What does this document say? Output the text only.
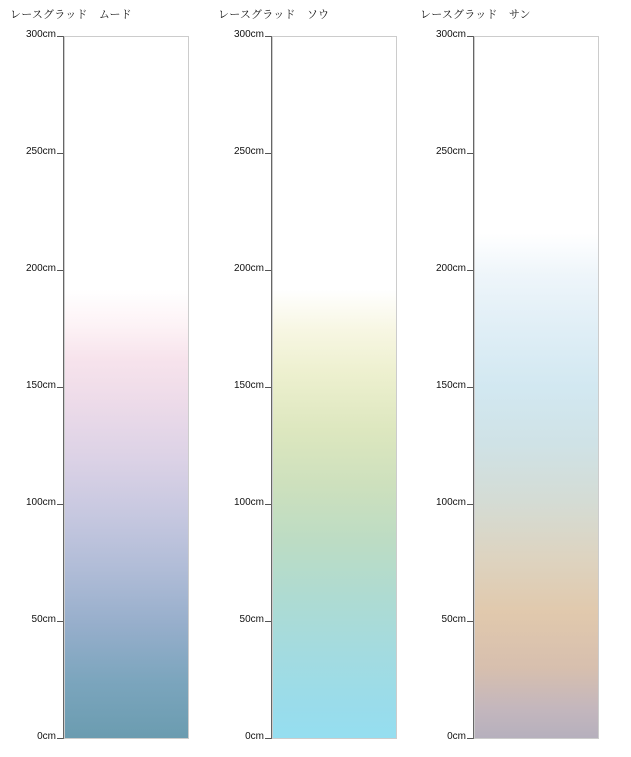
レースグラッド　ムード
300cm
250cm
200cm
150cm
100cm
50cm
0cm
レースグラッド　ソウ
300cm
250cm
200cm
150cm
100cm
50cm
0cm
レースグラッド　サン
300cm
250cm
200cm
150cm
100cm
50cm
0cm
